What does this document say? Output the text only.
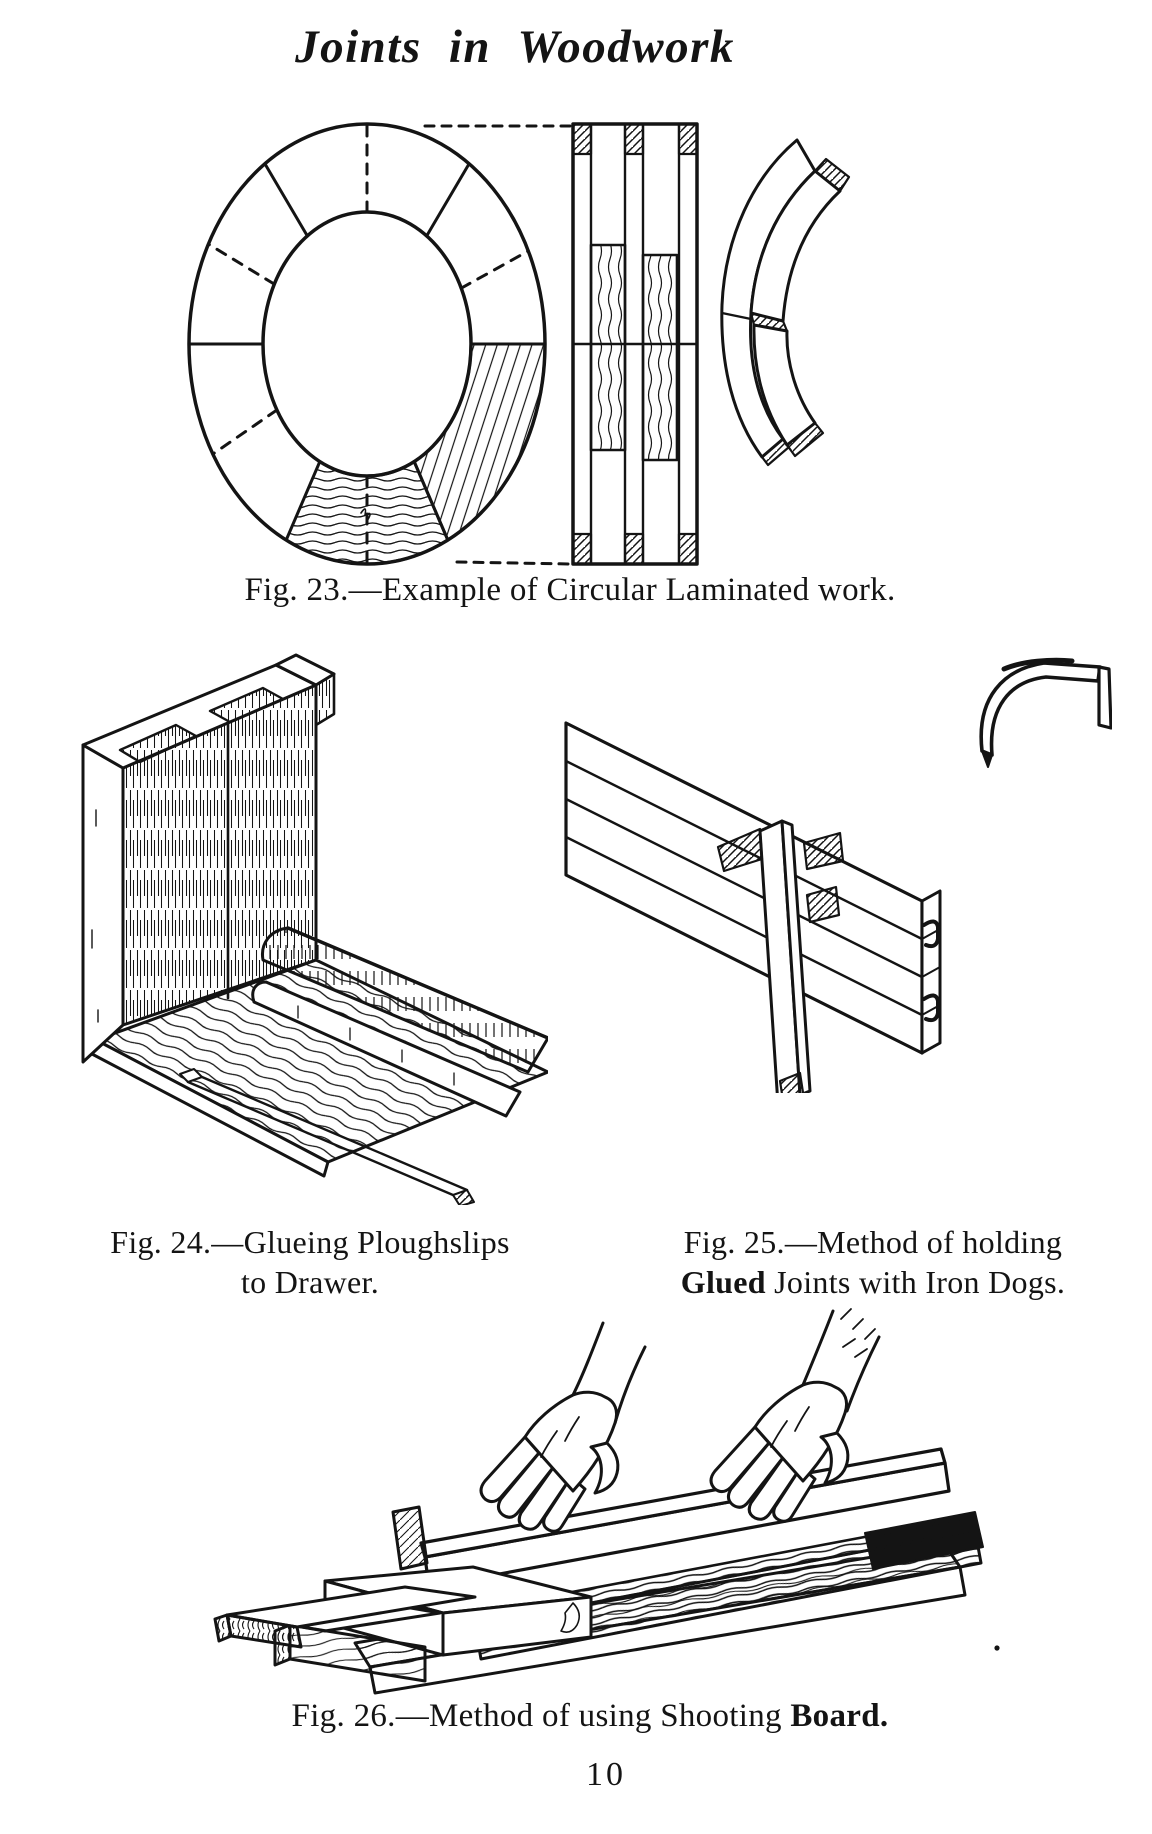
Joints in Woodwork
Fig. 23.—Example of Circular Laminated work.
Fig. 24.—Glueing Ploughslips
to Drawer.
Fig. 25.—Method of holding
Glued Joints with Iron Dogs.
Fig. 26.—Method of using Shooting Board.
10
